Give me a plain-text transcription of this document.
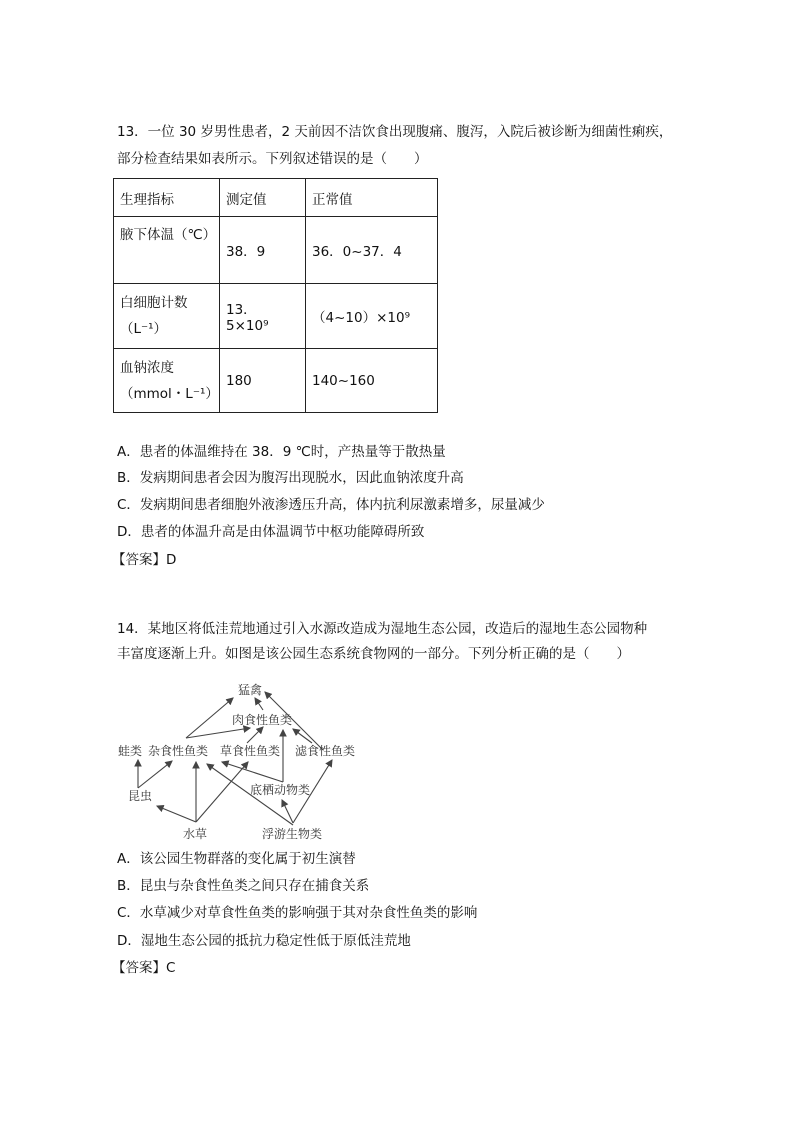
13．一位 30 岁男性患者，2 天前因不洁饮食出现腹痛、腹泻，入院后被诊断为细菌性痢疾，
部分检查结果如表所示。下列叙述错误的是（　　）
生理指标	测定值	正常值
腋下体温（℃）	38．9	36．0~37．4

白细胞计数
（L⁻¹）	13．5×10⁹	（4~10）×10⁹

血钠浓度
（mmol・L⁻¹）	180	140~160
A．患者的体温维持在 38．9 ℃时，产热量等于散热量
B．发病期间患者会因为腹泻出现脱水，因此血钠浓度升高
C．发病期间患者细胞外液渗透压升高，体内抗利尿激素增多，尿量减少
D．患者的体温升高是由体温调节中枢功能障碍所致
【答案】D
14．某地区将低洼荒地通过引入水源改造成为湿地生态公园，改造后的湿地生态公园物种
丰富度逐渐上升。如图是该公园生态系统食物网的一部分。下列分析正确的是（　　）
猛禽
肉食性鱼类
蛙类 杂食性鱼类 草食性鱼类 滤食性鱼类
昆虫	底栖动物类
水草	浮游生物类
A．该公园生物群落的变化属于初生演替
B．昆虫与杂食性鱼类之间只存在捕食关系
C．水草减少对草食性鱼类的影响强于其对杂食性鱼类的影响
D．湿地生态公园的抵抗力稳定性低于原低洼荒地
【答案】C
